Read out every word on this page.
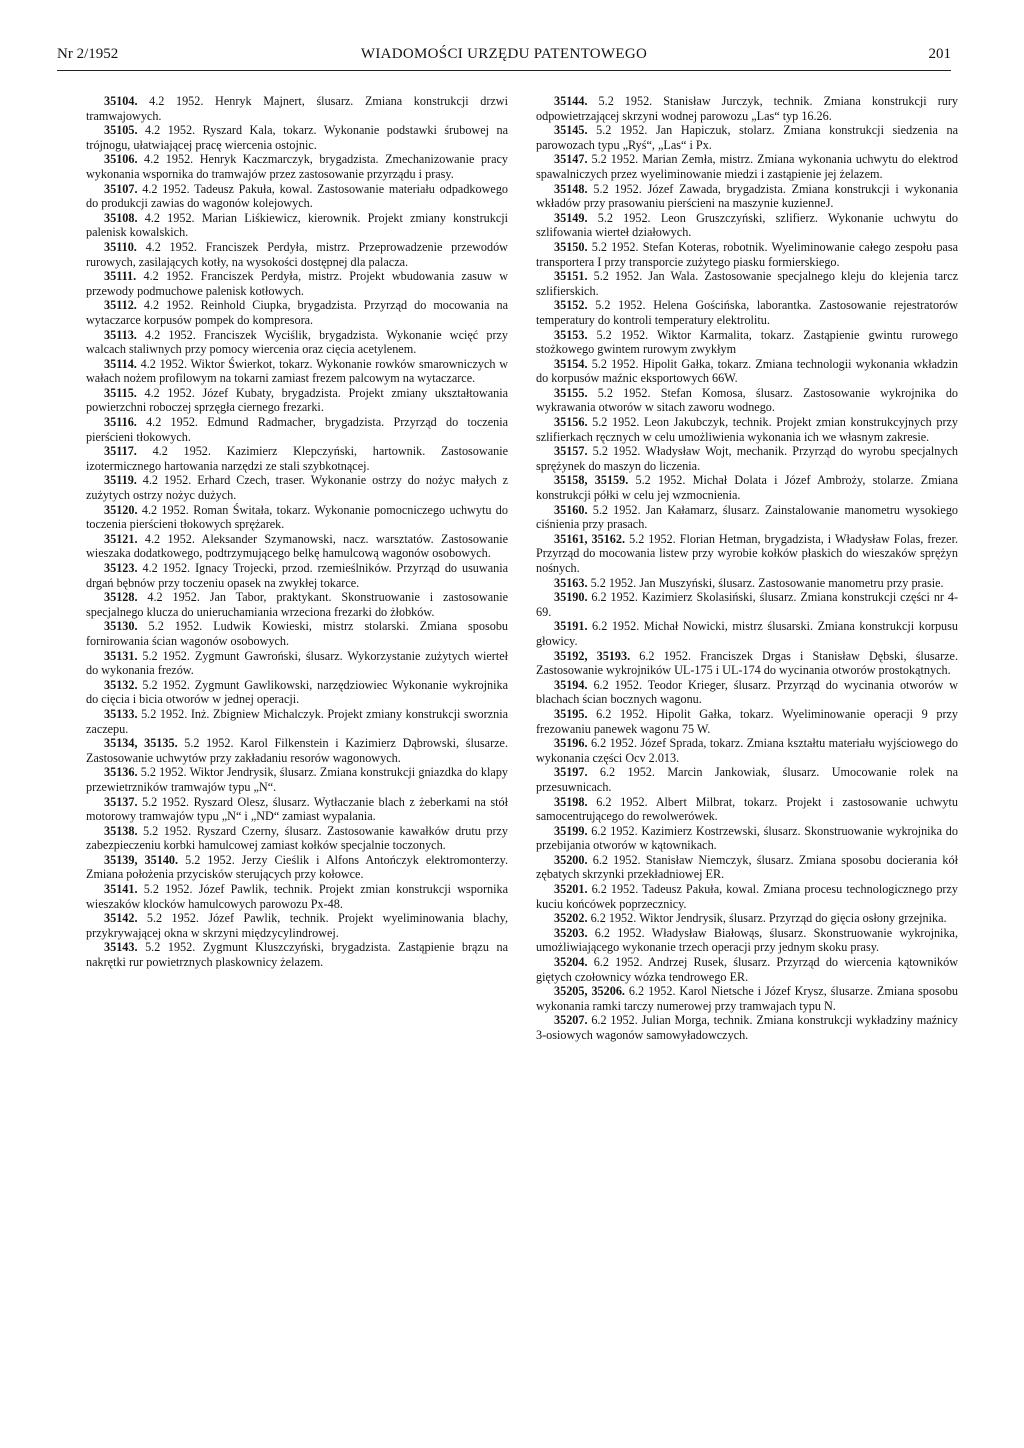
Nr 2/1952	WIADOMOŚCI URZĘDU PATENTOWEGO	201

35104. 4.2 1952. Henryk Majnert, ślusarz. Zmiana konstrukcji drzwi tramwajowych.

35105. 4.2 1952. Ryszard Kala, tokarz. Wykonanie podstawki śrubowej na trójnogu, ułatwiającej pracę wiercenia ostojnic.

35106. 4.2 1952. Henryk Kaczmarczyk, brygadzista. Zmechanizowanie pracy wykonania wspornika do tramwajów przez zastosowanie przyrządu i prasy.

35107. 4.2 1952. Tadeusz Pakuła, kowal. Zastosowanie materiału odpadkowego do produkcji zawias do wagonów kolejowych.

35108. 4.2 1952. Marian Liśkiewicz, kierownik. Projekt zmiany konstrukcji palenisk kowalskich.

35110. 4.2 1952. Franciszek Perdyła, mistrz. Przeprowadzenie przewodów rurowych, zasilających kotły, na wysokości dostępnej dla palacza.

35111. 4.2 1952. Franciszek Perdyła, mistrz. Projekt wbudowania zasuw w przewody podmuchowe palenisk kotłowych.

35112. 4.2 1952. Reinhold Ciupka, brygadzista. Przyrząd do mocowania na wytaczarce korpusów pompek do kompresora.

35113. 4.2 1952. Franciszek Wyciślik, brygadzista. Wykonanie wcięć przy walcach staliwnych przy pomocy wiercenia oraz cięcia acetylenem.

35114. 4.2 1952. Wiktor Świerkot, tokarz. Wykonanie rowków smarowniczych w wałach nożem profilowym na tokarni zamiast frezem palcowym na wytaczarce.

35115. 4.2 1952. Józef Kubaty, brygadzista. Projekt zmiany ukształtowania powierzchni roboczej sprzęgła ciernego frezarki.

35116. 4.2 1952. Edmund Radmacher, brygadzista. Przyrząd do toczenia pierścieni tłokowych.

35117. 4.2 1952. Kazimierz Klepczyński, hartownik. Zastosowanie izotermicznego hartowania narzędzi ze stali szybkotnącej.

35119. 4.2 1952. Erhard Czech, traser. Wykonanie ostrzy do nożyc małych z zużytych ostrzy nożyc dużych.

35120. 4.2 1952. Roman Świtała, tokarz. Wykonanie pomocniczego uchwytu do toczenia pierścieni tłokowych sprężarek.

35121. 4.2 1952. Aleksander Szymanowski, nacz. warsztatów. Zastosowanie wieszaka dodatkowego, podtrzymującego belkę hamulcową wagonów osobowych.

35123. 4.2 1952. Ignacy Trojecki, przod. rzemieślników. Przyrząd do usuwania drgań bębnów przy toczeniu opasek na zwykłej tokarce.

35128. 4.2 1952. Jan Tabor, praktykant. Skonstruowanie i zastosowanie specjalnego klucza do unieruchamiania wrzeciona frezarki do żłobków.

35130. 5.2 1952. Ludwik Kowieski, mistrz stolarski. Zmiana sposobu fornirowania ścian wagonów osobowych.

35131. 5.2 1952. Zygmunt Gawroński, ślusarz. Wykorzystanie zużytych wierteł do wykonania frezów.

35132. 5.2 1952. Zygmunt Gawlikowski, narzędziowiec Wykonanie wykrojnika do cięcia i bicia otworów w jednej operacji.

35133. 5.2 1952. Inż. Zbigniew Michalczyk. Projekt zmiany konstrukcji sworznia zaczepu.

35134, 35135. 5.2 1952. Karol Filkenstein i Kazimierz Dąbrowski, ślusarze. Zastosowanie uchwytów przy zakładaniu resorów wagonowych.

35136. 5.2 1952. Wiktor Jendrysik, ślusarz. Zmiana konstrukcji gniazdka do klapy przewietrzników tramwajów typu „N“.

35137. 5.2 1952. Ryszard Olesz, ślusarz. Wytłaczanie blach z żeberkami na stół motorowy tramwajów typu „N“ i „ND“ zamiast wypalania.

35138. 5.2 1952. Ryszard Czerny, ślusarz. Zastosowanie kawałków drutu przy zabezpieczeniu korbki hamulcowej zamiast kołków specjalnie toczonych.

35139, 35140. 5.2 1952. Jerzy Cieślik i Alfons Antończyk elektromonterzy. Zmiana położenia przycisków sterujących przy kołowce.

35141. 5.2 1952. Józef Pawlik, technik. Projekt zmian konstrukcji wspornika wieszaków klocków hamulcowych parowozu Px-48.

35142. 5.2 1952. Józef Pawlik, technik. Projekt wyeliminowania blachy, przykrywającej okna w skrzyni międzycylindrowej.

35143. 5.2 1952. Zygmunt Kluszczyński, brygadzista. Zastąpienie brązu na nakrętki rur powietrznych plaskownicy żelazem.

35144. 5.2 1952. Stanisław Jurczyk, technik. Zmiana konstrukcji rury odpowietrzającej skrzyni wodnej parowozu „Las“ typ 16.26.

35145. 5.2 1952. Jan Hapiczuk, stolarz. Zmiana konstrukcji siedzenia na parowozach typu „Ryś“, „Las“ i Px.

35147. 5.2 1952. Marian Zemła, mistrz. Zmiana wykonania uchwytu do elektrod spawalniczych przez wyeliminowanie miedzi i zastąpienie jej żelazem.

35148. 5.2 1952. Józef Zawada, brygadzista. Zmiana konstrukcji i wykonania wkładów przy prasowaniu pierścieni na maszynie kuzienneJ.

35149. 5.2 1952. Leon Gruszczyński, szlifierz. Wykonanie uchwytu do szlifowania wierteł działowych.

35150. 5.2 1952. Stefan Koteras, robotnik. Wyeliminowanie całego zespołu pasa transportera I przy transporcie zużytego piasku formierskiego.

35151. 5.2 1952. Jan Wala. Zastosowanie specjalnego kleju do klejenia tarcz szlifierskich.

35152. 5.2 1952. Helena Gościńska, laborantka. Zastosowanie rejestratorów temperatury do kontroli temperatury elektrolitu.

35153. 5.2 1952. Wiktor Karmalita, tokarz. Zastąpienie gwintu rurowego stożkowego gwintem rurowym zwykłym

35154. 5.2 1952. Hipolit Gałka, tokarz. Zmiana technologii wykonania wkładzin do korpusów maźnic eksportowych 66W.

35155. 5.2 1952. Stefan Komosa, ślusarz. Zastosowanie wykrojnika do wykrawania otworów w sitach zaworu wodnego.

35156. 5.2 1952. Leon Jakubczyk, technik. Projekt zmian konstrukcyjnych przy szlifierkach ręcznych w celu umożliwienia wykonania ich we własnym zakresie.

35157. 5.2 1952. Władysław Wojt, mechanik. Przyrząd do wyrobu specjalnych sprężynek do maszyn do liczenia.

35158, 35159. 5.2 1952. Michał Dolata i Józef Ambroży, stolarze. Zmiana konstrukcji półki w celu jej wzmocnienia.

35160. 5.2 1952. Jan Kałamarz, ślusarz. Zainstalowanie manometru wysokiego ciśnienia przy prasach.

35161, 35162. 5.2 1952. Florian Hetman, brygadzista, i Władysław Folas, frezer. Przyrząd do mocowania listew przy wyrobie kołków płaskich do wieszaków sprężyn nośnych.

35163. 5.2 1952. Jan Muszyński, ślusarz. Zastosowanie manometru przy prasie.

35190. 6.2 1952. Kazimierz Skolasiński, ślusarz. Zmiana konstrukcji części nr 4-69.

35191. 6.2 1952. Michał Nowicki, mistrz ślusarski. Zmiana konstrukcji korpusu głowicy.

35192, 35193. 6.2 1952. Franciszek Drgas i Stanisław Dębski, ślusarze. Zastosowanie wykrojników UL-175 i UL-174 do wycinania otworów prostokątnych.

35194. 6.2 1952. Teodor Krieger, ślusarz. Przyrząd do wycinania otworów w blachach ścian bocznych wagonu.

35195. 6.2 1952. Hipolit Gałka, tokarz. Wyeliminowanie operacji 9 przy frezowaniu panewek wagonu 75 W.

35196. 6.2 1952. Józef Sprada, tokarz. Zmiana kształtu materiału wyjściowego do wykonania części Ocv 2.013.

35197. 6.2 1952. Marcin Jankowiak, ślusarz. Umocowanie rolek na przesuwnicach.

35198. 6.2 1952. Albert Milbrat, tokarz. Projekt i zastosowanie uchwytu samocentrującego do rewolwerówek.

35199. 6.2 1952. Kazimierz Kostrzewski, ślusarz. Skonstruowanie wykrojnika do przebijania otworów w kątownikach.

35200. 6.2 1952. Stanisław Niemczyk, ślusarz. Zmiana sposobu docierania kół zębatych skrzynki przekładniowej ER.

35201. 6.2 1952. Tadeusz Pakuła, kowal. Zmiana procesu technologicznego przy kuciu końcówek poprzecznicy.

35202. 6.2 1952. Wiktor Jendrysik, ślusarz. Przyrząd do gięcia osłony grzejnika.

35203. 6.2 1952. Władysław Białowąs, ślusarz. Skonstruowanie wykrojnika, umożliwiającego wykonanie trzech operacji przy jednym skoku prasy.

35204. 6.2 1952. Andrzej Rusek, ślusarz. Przyrząd do wiercenia kątowników giętych czołownicy wózka tendrowego ER.

35205, 35206. 6.2 1952. Karol Nietsche i Józef Krysz, ślusarze. Zmiana sposobu wykonania ramki tarczy numerowej przy tramwajach typu N.

35207. 6.2 1952. Julian Morga, technik. Zmiana konstrukcji wykładziny maźnicy 3-osiowych wagonów samowyładowczych.
